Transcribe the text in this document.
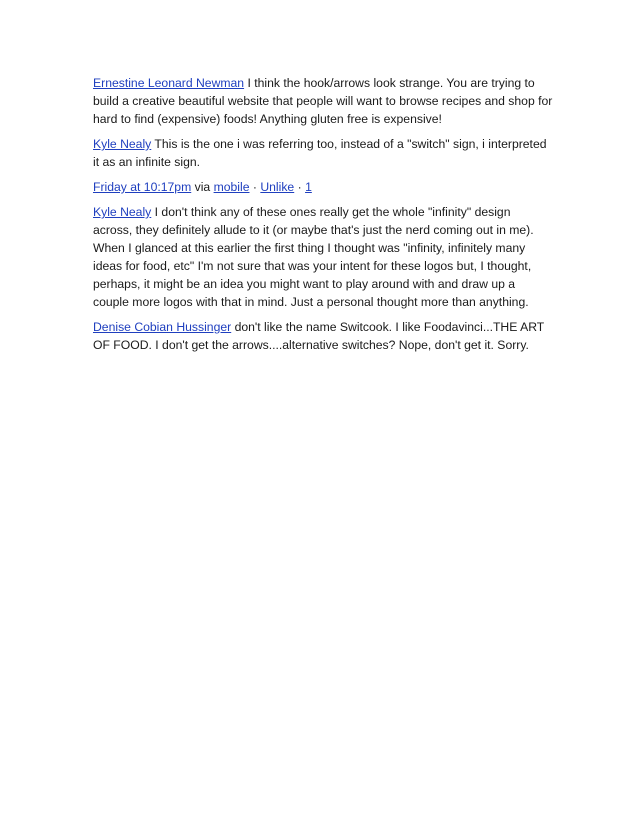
Ernestine Leonard Newman I think the hook/arrows look strange. You are trying to build a creative beautiful website that people will want to browse recipes and shop for hard to find (expensive) foods! Anything gluten free is expensive!

Kyle Nealy This is the one i was referring too, instead of a "switch" sign, i interpreted it as an infinite sign.

Friday at 10:17pm via mobile · Unlike · 1

Kyle Nealy I don't think any of these ones really get the whole "infinity" design across, they definitely allude to it (or maybe that's just the nerd coming out in me). When I glanced at this earlier the first thing I thought was "infinity, infinitely many ideas for food, etc" I'm not sure that was your intent for these logos but, I thought, perhaps, it might be an idea you might want to play around with and draw up a couple more logos with that in mind. Just a personal thought more than anything.

Denise Cobian Hussinger don't like the name Switcook. I like Foodavinci...THE ART OF FOOD. I don't get the arrows....alternative switches? Nope, don't get it. Sorry.
